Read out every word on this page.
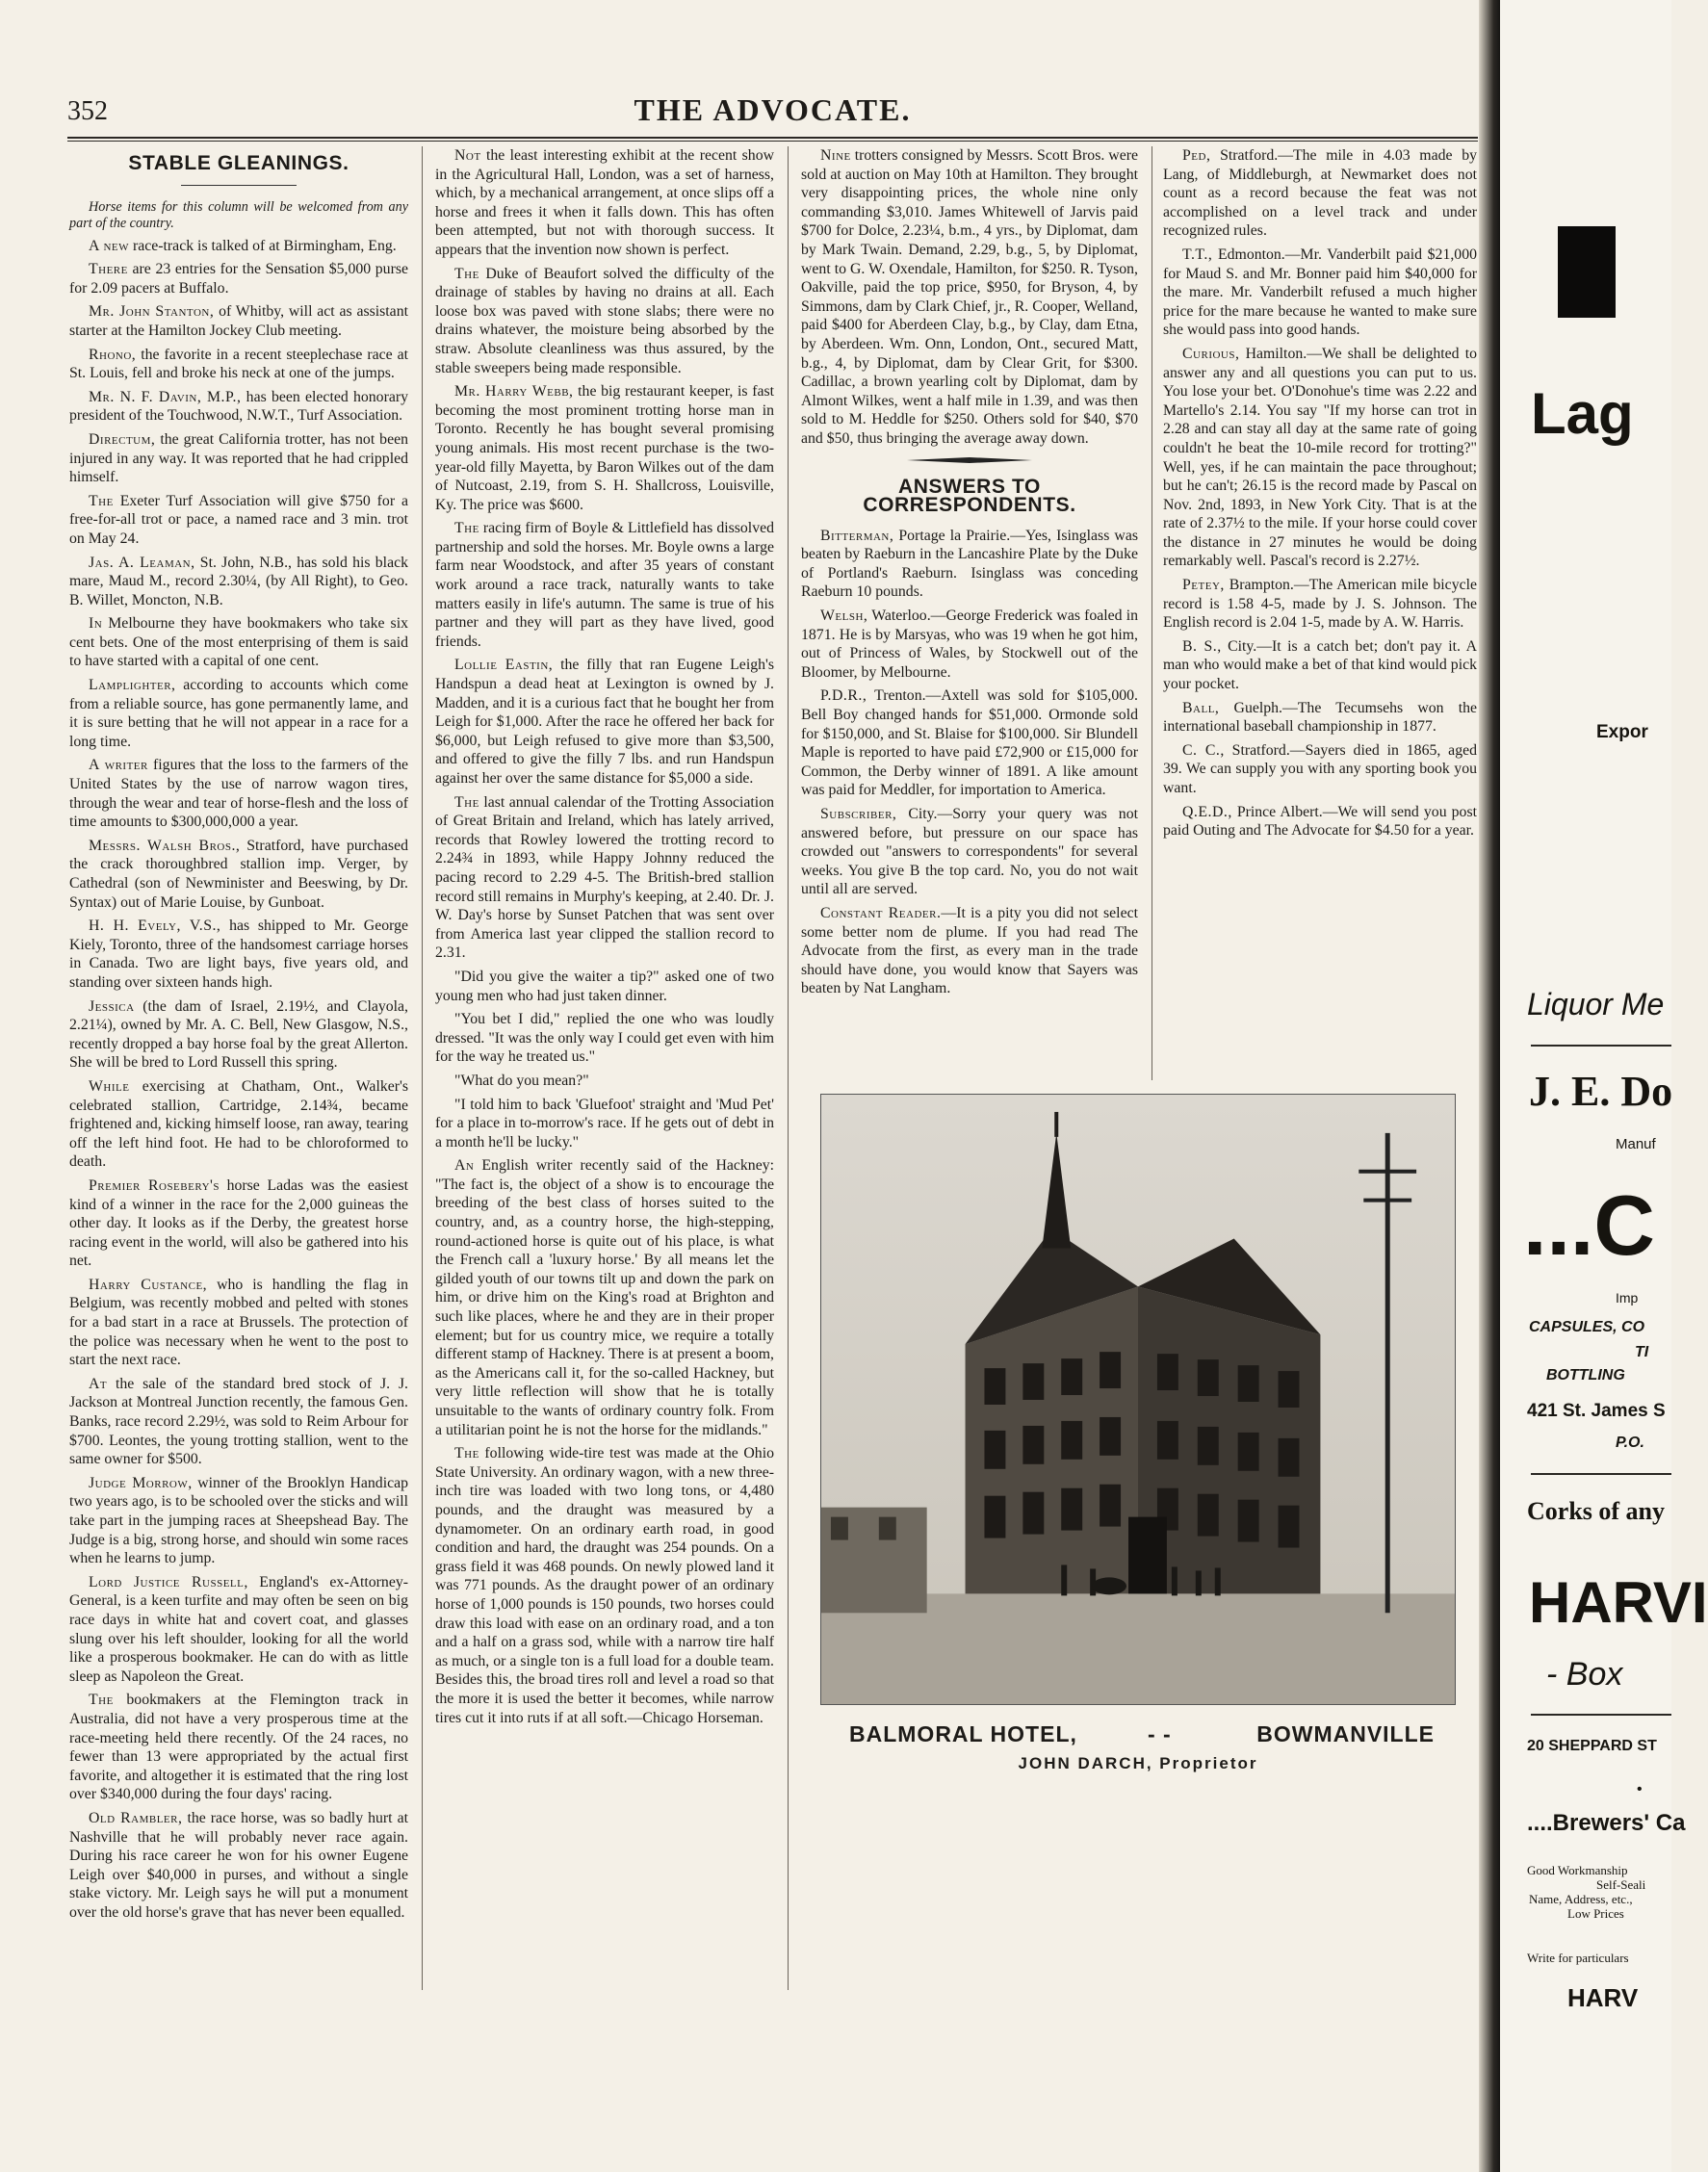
352	THE ADVOCATE.
STABLE GLEANINGS.

Horse items for this column will be welcomed from any part of the country.

A new race-track is talked of at Birmingham, Eng.

There are 23 entries for the Sensation $5,000 purse for 2.09 pacers at Buffalo.

Mr. John Stanton, of Whitby, will act as assistant starter at the Hamilton Jockey Club meeting.

Rhono, the favorite in a recent steeplechase race at St. Louis, fell and broke his neck at one of the jumps.

Mr. N. F. Davin, M.P., has been elected honorary president of the Touchwood, N.W.T., Turf Association.

Directum, the great California trotter, has not been injured in any way. It was reported that he had crippled himself.

The Exeter Turf Association will give $750 for a free-for-all trot or pace, a named race and 3 min. trot on May 24.

Jas. A. Leaman, St. John, N.B., has sold his black mare, Maud M., record 2.30¼, (by All Right), to Geo. B. Willet, Moncton, N.B.

In Melbourne they have bookmakers who take six cent bets. One of the most enterprising of them is said to have started with a capital of one cent.

Lamplighter, according to accounts which come from a reliable source, has gone permanently lame, and it is sure betting that he will not appear in a race for a long time.

A writer figures that the loss to the farmers of the United States by the use of narrow wagon tires, through the wear and tear of horse-flesh and the loss of time amounts to $300,000,000 a year.

Messrs. Walsh Bros., Stratford, have purchased the crack thoroughbred stallion imp. Verger, by Cathedral (son of Newminister and Beeswing, by Dr. Syntax) out of Marie Louise, by Gunboat.

H. H. Evely, V.S., has shipped to Mr. George Kiely, Toronto, three of the handsomest carriage horses in Canada. Two are light bays, five years old, and standing over sixteen hands high.

Jessica (the dam of Israel, 2.19½, and Clayola, 2.21¼), owned by Mr. A. C. Bell, New Glasgow, N.S., recently dropped a bay horse foal by the great Allerton. She will be bred to Lord Russell this spring.

While exercising at Chatham, Ont., Walker's celebrated stallion, Cartridge, 2.14¾, became frightened and, kicking himself loose, ran away, tearing off the left hind foot. He had to be chloroformed to death.

Premier Rosebery's horse Ladas was the easiest kind of a winner in the race for the 2,000 guineas the other day. It looks as if the Derby, the greatest horse racing event in the world, will also be gathered into his net.

Harry Custance, who is handling the flag in Belgium, was recently mobbed and pelted with stones for a bad start in a race at Brussels. The protection of the police was necessary when he went to the post to start the next race.

At the sale of the standard bred stock of J. J. Jackson at Montreal Junction recently, the famous Gen. Banks, race record 2.29½, was sold to Reim Arbour for $700. Leontes, the young trotting stallion, went to the same owner for $500.

Judge Morrow, winner of the Brooklyn Handicap two years ago, is to be schooled over the sticks and will take part in the jumping races at Sheepshead Bay. The Judge is a big, strong horse, and should win some races when he learns to jump.

Lord Justice Russell, England's ex-Attorney-General, is a keen turfite and may often be seen on big race days in white hat and covert coat, and glasses slung over his left shoulder, looking for all the world like a prosperous bookmaker. He can do with as little sleep as Napoleon the Great.

The bookmakers at the Flemington track in Australia, did not have a very prosperous time at the race-meeting held there recently. Of the 24 races, no fewer than 13 were appropriated by the actual first favorite, and altogether it is estimated that the ring lost over $340,000 during the four days' racing.

Old Rambler, the race horse, was so badly hurt at Nashville that he will probably never race again. During his race career he won for his owner Eugene Leigh over $40,000 in purses, and without a single stake victory. Mr. Leigh says he will put a monument over the old horse's grave that has never been equalled.

Not the least interesting exhibit at the recent show in the Agricultural Hall, London, was a set of harness, which, by a mechanical arrangement, at once slips off a horse and frees it when it falls down. This has often been attempted, but not with thorough success. It appears that the invention now shown is perfect.

The Duke of Beaufort solved the difficulty of the drainage of stables by having no drains at all. Each loose box was paved with stone slabs; there were no drains whatever, the moisture being absorbed by the straw. Absolute cleanliness was thus assured, by the stable sweepers being made responsible.

Mr. Harry Webb, the big restaurant keeper, is fast becoming the most prominent trotting horse man in Toronto. Recently he has bought several promising young animals. His most recent purchase is the two-year-old filly Mayetta, by Baron Wilkes out of the dam of Nutcoast, 2.19, from S. H. Shallcross, Louisville, Ky. The price was $600.

The racing firm of Boyle & Littlefield has dissolved partnership and sold the horses. Mr. Boyle owns a large farm near Woodstock, and after 35 years of constant work around a race track, naturally wants to take matters easily in life's autumn. The same is true of his partner and they will part as they have lived, good friends.

Lollie Eastin, the filly that ran Eugene Leigh's Handspun a dead heat at Lexington is owned by J. Madden, and it is a curious fact that he bought her from Leigh for $1,000. After the race he offered her back for $6,000, but Leigh refused to give more than $3,500, and offered to give the filly 7 lbs. and run Handspun against her over the same distance for $5,000 a side.

The last annual calendar of the Trotting Association of Great Britain and Ireland, which has lately arrived, records that Rowley lowered the trotting record to 2.24¾ in 1893, while Happy Johnny reduced the pacing record to 2.29 4-5. The British-bred stallion record still remains in Murphy's keeping, at 2.40. Dr. J. W. Day's horse by Sunset Patchen that was sent over from America last year clipped the stallion record to 2.31.

"Did you give the waiter a tip?" asked one of two young men who had just taken dinner.

"You bet I did," replied the one who was loudly dressed. "It was the only way I could get even with him for the way he treated us."

"What do you mean?"

"I told him to back 'Gluefoot' straight and 'Mud Pet' for a place in to-morrow's race. If he gets out of debt in a month he'll be lucky."

An English writer recently said of the Hackney: "The fact is, the object of a show is to encourage the breeding of the best class of horses suited to the country, and, as a country horse, the high-stepping, round-actioned horse is quite out of his place, is what the French call a 'luxury horse.' By all means let the gilded youth of our towns tilt up and down the park on him, or drive him on the King's road at Brighton and such like places, where he and they are in their proper element; but for us country mice, we require a totally different stamp of Hackney. There is at present a boom, as the Americans call it, for the so-called Hackney, but very little reflection will show that he is totally unsuitable to the wants of ordinary country folk. From a utilitarian point he is not the horse for the midlands."

The following wide-tire test was made at the Ohio State University. An ordinary wagon, with a new three-inch tire was loaded with two long tons, or 4,480 pounds, and the draught was measured by a dynamometer. On an ordinary earth road, in good condition and hard, the draught was 254 pounds. On a grass field it was 468 pounds. On newly plowed land it was 771 pounds. As the draught power of an ordinary horse of 1,000 pounds is 150 pounds, two horses could draw this load with ease on an ordinary road, and a ton and a half on a grass sod, while with a narrow tire half as much, or a single ton is a full load for a double team. Besides this, the broad tires roll and level a road so that the more it is used the better it becomes, while narrow tires cut it into ruts if at all soft.—Chicago Horseman.

Nine trotters consigned by Messrs. Scott Bros. were sold at auction on May 10th at Hamilton. They brought very disappointing prices, the whole nine only commanding $3,010. James Whitewell of Jarvis paid $700 for Dolce, 2.23¼, b.m., 4 yrs., by Diplomat, dam by Mark Twain. Demand, 2.29, b.g., 5, by Diplomat, went to G. W. Oxendale, Hamilton, for $250. R. Tyson, Oakville, paid the top price, $950, for Bryson, 4, by Simmons, dam by Clark Chief, jr., R. Cooper, Welland, paid $400 for Aberdeen Clay, b.g., by Clay, dam Etna, by Aberdeen. Wm. Onn, London, Ont., secured Matt, b.g., 4, by Diplomat, dam by Clear Grit, for $300. Cadillac, a brown yearling colt by Diplomat, dam by Almont Wilkes, went a half mile in 1.39, and was then sold to M. Heddle for $250. Others sold for $40, $70 and $50, thus bringing the average away down.

ANSWERS TO CORRESPONDENTS.

Bitterman, Portage la Prairie.—Yes, Isinglass was beaten by Raeburn in the Lancashire Plate by the Duke of Portland's Raeburn. Isinglass was conceding Raeburn 10 pounds.

Welsh, Waterloo.—George Frederick was foaled in 1871. He is by Marsyas, who was 19 when he got him, out of Princess of Wales, by Stockwell out of the Bloomer, by Melbourne.

P.D.R., Trenton.—Axtell was sold for $105,000. Bell Boy changed hands for $51,000. Ormonde sold for $150,000, and St. Blaise for $100,000. Sir Blundell Maple is reported to have paid £72,900 or £15,000 for Common, the Derby winner of 1891. A like amount was paid for Meddler, for importation to America.

Subscriber, City.—Sorry your query was not answered before, but pressure on our space has crowded out "answers to correspondents" for several weeks. You give B the top card. No, you do not wait until all are served.

Constant Reader.—It is a pity you did not select some better nom de plume. If you had read The Advocate from the first, as every man in the trade should have done, you would know that Sayers was beaten by Nat Langham.

Ped, Stratford.—The mile in 4.03 made by Lang, of Middleburgh, at Newmarket does not count as a record because the feat was not accomplished on a level track and under recognized rules.

T.T., Edmonton.—Mr. Vanderbilt paid $21,000 for Maud S. and Mr. Bonner paid him $40,000 for the mare. Mr. Vanderbilt refused a much higher price for the mare because he wanted to make sure she would pass into good hands.

Curious, Hamilton.—We shall be delighted to answer any and all questions you can put to us. You lose your bet. O'Donohue's time was 2.22 and Martello's 2.14. You say "If my horse can trot in 2.28 and can stay all day at the same rate of going couldn't he beat the 10-mile record for trotting?" Well, yes, if he can maintain the pace throughout; but he can't; 26.15 is the record made by Pascal on Nov. 2nd, 1893, in New York City. That is at the rate of 2.37½ to the mile. If your horse could cover the distance in 27 minutes he would be doing remarkably well. Pascal's record is 2.27½.

Petey, Brampton.—The American mile bicycle record is 1.58 4-5, made by J. S. Johnson. The English record is 2.04 1-5, made by A. W. Harris.

B. S., City.—It is a catch bet; don't pay it. A man who would make a bet of that kind would pick your pocket.

Ball, Guelph.—The Tecumsehs won the international baseball championship in 1877.

C. C., Stratford.—Sayers died in 1865, aged 39. We can supply you with any sporting book you want.

Q.E.D., Prince Albert.—We will send you post paid Outing and The Advocate for $4.50 for a year.

BALMORAL HOTEL,	- -	BOWMANVILLE
JOHN DARCH, Proprietor
Lag
Expor
Liquor Me
J. E. Do
Manuf
...C
Imp
CAPSULES, CO
TI
BOTTLING
421 St. James S
P.O.
Corks of any
HARVI
- Box
20 SHEPPARD ST
•
....Brewers' Ca
Good Workmanship
Self-Seali
Name, Address, etc.,
Low Prices
Write for particulars
HARV
